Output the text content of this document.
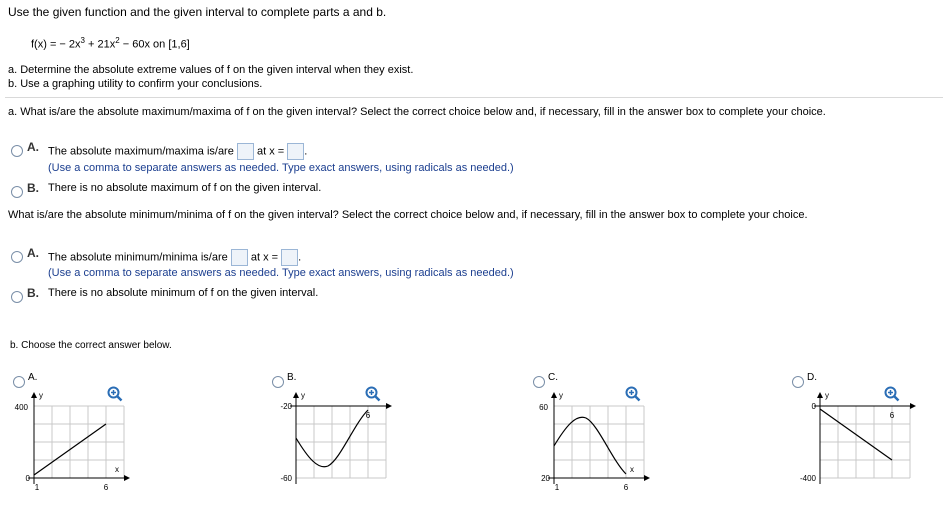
Use the given function and the given interval to complete parts a and b.
f(x) = − $2x^3 + 21x^2 - 60x$ on [1,6]
a. Determine the absolute extreme values of f on the given interval when they exist.
b. Use a graphing utility to confirm your conclusions.
a. What is/are the absolute maximum/maxima of f on the given interval? Select the correct choice below and, if necessary, fill in the answer box to complete your choice.
A. The absolute maximum/maxima is/are at x = .
(Use a comma to separate answers as needed. Type exact answers, using radicals as needed.)
B. There is no absolute maximum of f on the given interval.
What is/are the absolute minimum/minima of f on the given interval? Select the correct choice below and, if necessary, fill in the answer box to complete your choice.
A. The absolute minimum/minima is/are at x = .
(Use a comma to separate answers as needed. Type exact answers, using radicals as needed.)
B. There is no absolute minimum of f on the given interval.
b. Choose the correct answer below.
A.
400
0
1	6
x
y
B.
-20
-60
6
y
C.
60
20
1	6
x
y
D.
0
-400
6
y
